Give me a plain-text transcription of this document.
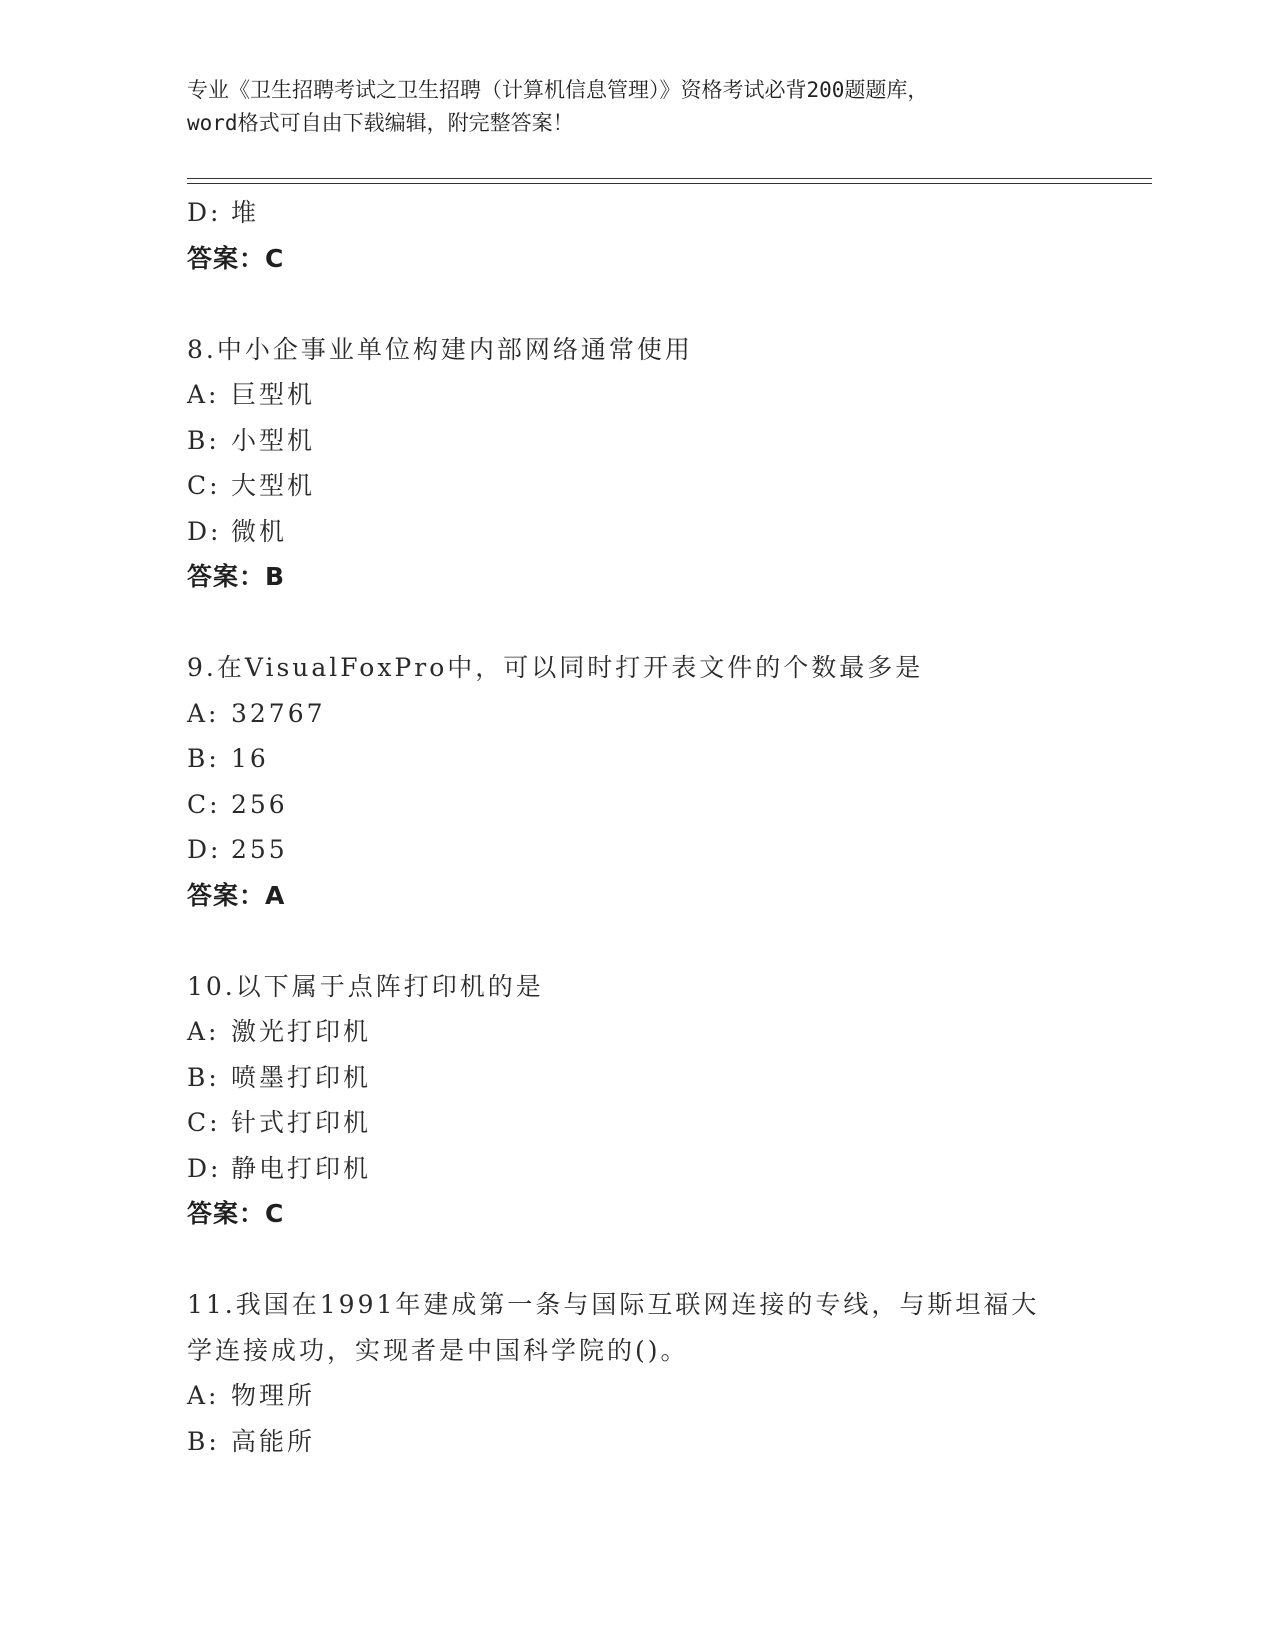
专业《卫生招聘考试之卫生招聘（计算机信息管理）》资格考试必背200题题库，
word格式可自由下载编辑，附完整答案！
D: 堆
答案：C
8.中小企事业单位构建内部网络通常使用
A: 巨型机
B: 小型机
C: 大型机
D: 微机
答案：B
9.在VisualFoxPro中，可以同时打开表文件的个数最多是
A: 32767
B: 16
C: 256
D: 255
答案：A
10.以下属于点阵打印机的是
A: 激光打印机
B: 喷墨打印机
C: 针式打印机
D: 静电打印机
答案：C
11.我国在1991年建成第一条与国际互联网连接的专线，与斯坦福大
学连接成功，实现者是中国科学院的()。
A: 物理所
B: 高能所
